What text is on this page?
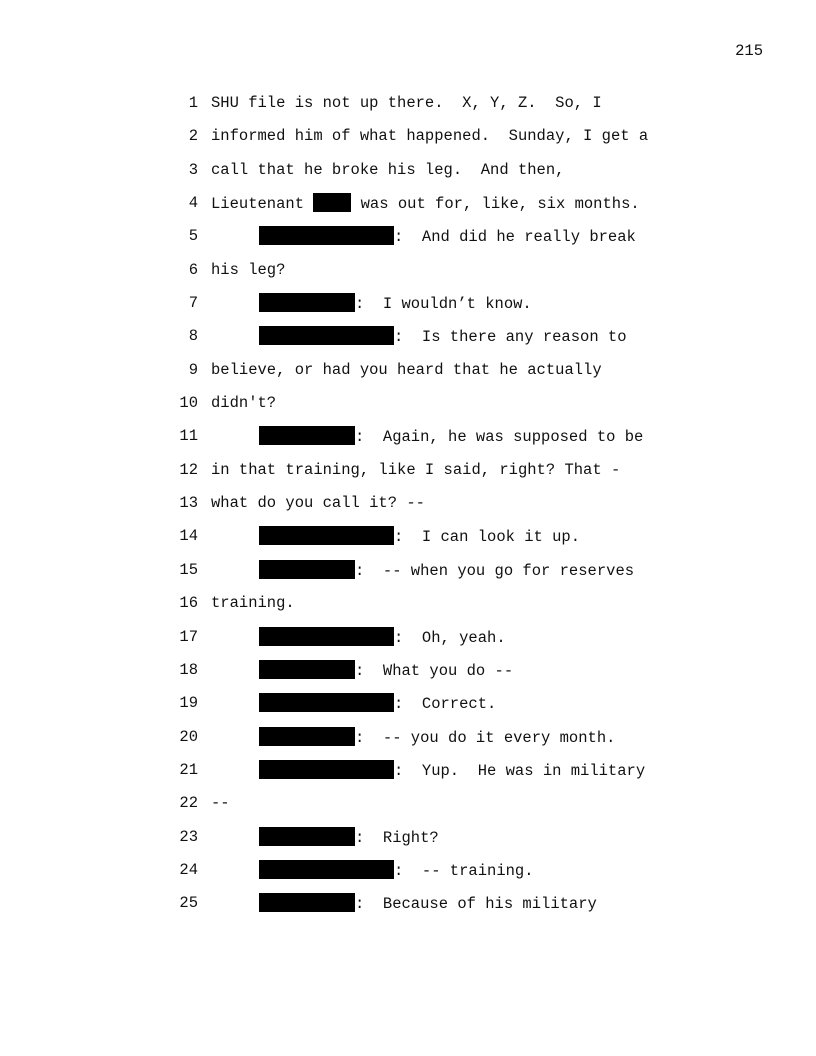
215
1 SHU file is not up there.  X, Y, Z.  So, I
2 informed him of what happened.  Sunday, I get a
3 call that he broke his leg.  And then,
4 Lieutenant  was out for, like, six months.
5	:  And did he really break
6 his leg?
7	:  I wouldn’t know.
8	:  Is there any reason to
9 believe, or had you heard that he actually
10 didn't?
11	:  Again, he was supposed to be
12 in that training, like I said, right? That -
13 what do you call it? --
14	:  I can look it up.
15	:  -- when you go for reserves
16 training.
17	:  Oh, yeah.
18	:  What you do --
19	:  Correct.
20	:  -- you do it every month.
21	:  Yup.  He was in military
22 --
23	:  Right?
24	:  -- training.
25	:  Because of his military
